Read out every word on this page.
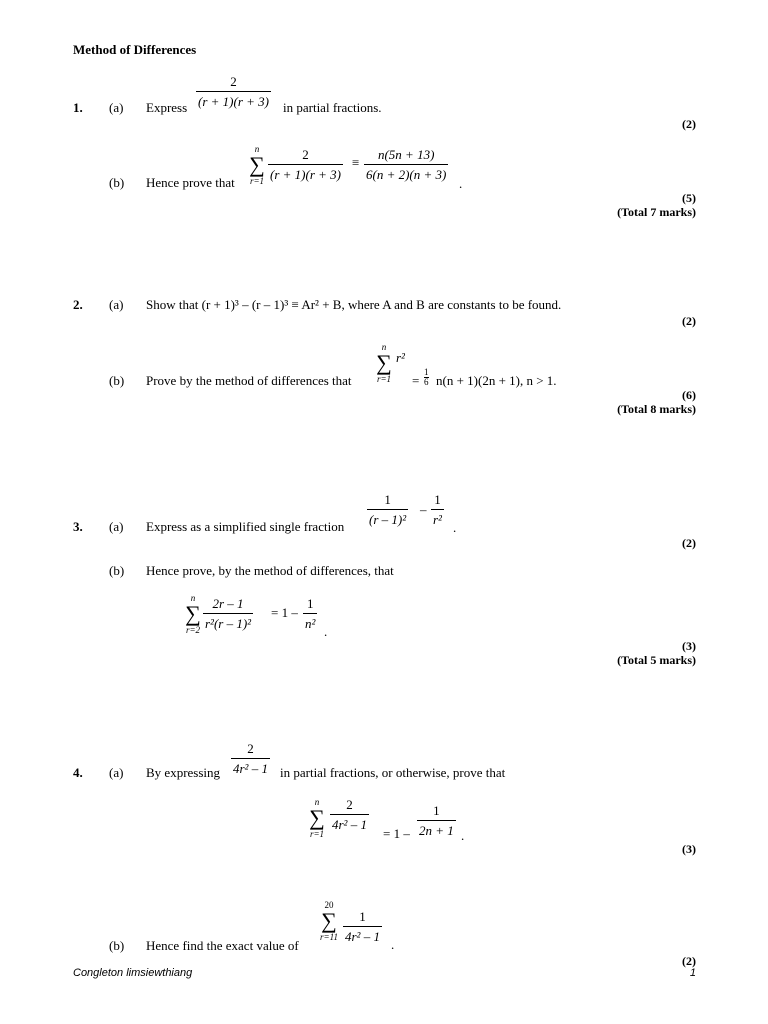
Method of Differences
1. (a) Express
2
(r + 1)(r + 3) in partial fractions.
(2)
(b) Hence prove that
n
∑
r=1
2
(r + 1)(r + 3)
≡
n(5n + 13)
6(n + 2)(n + 3)
.
(5)
(Total 7 marks)
2. (a) Show that (r + 1)³ – (r – 1)³ ≡ Ar² + B, where A and B are constants to be found.
(2)
(b) Prove by the method of differences that
n
∑
r=1
r²
=
1
6 n(n + 1)(2n + 1), n > 1.
(6)
(Total 8 marks)
3. (a) Express as a simplified single fraction
1
(r – 1)²
–
1
r²
.
(2)
(b) Hence prove, by the method of differences, that
n
∑
r=2
2r – 1
r²(r – 1)²
= 1 –
1
n²
.
(3)
(Total 5 marks)
4. (a) By expressing
2
4r² – 1 in partial fractions, or otherwise, prove that
n
∑
r=1
2
4r² – 1
= 1 –
1
2n + 1 .
(3)
(b) Hence find the exact value of
20
∑
r=11
1
4r² – 1
.
(2)
Congleton limsiewthiang	1
